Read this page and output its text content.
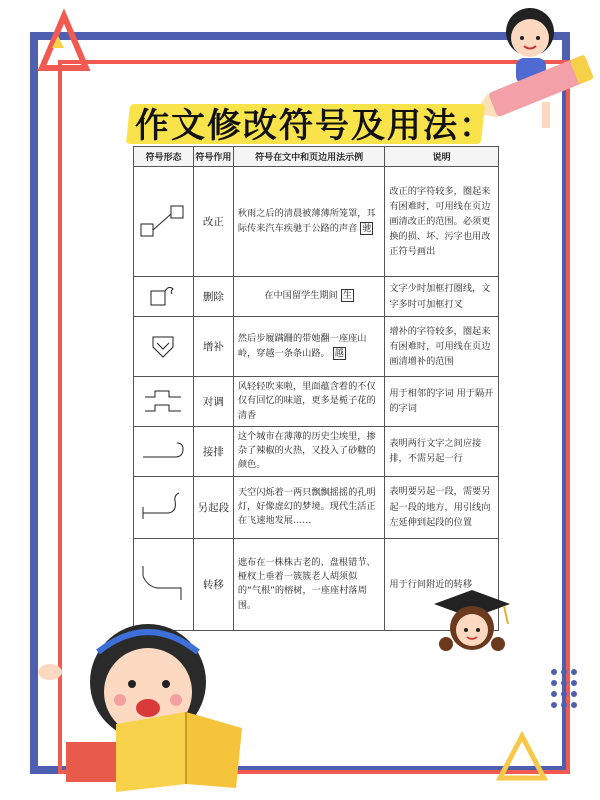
作文修改符号及用法：
符号形态	符号作用	符号在文中和页边用法示例	说明

	改正	秋雨之后的清晨被薄薄所笼罩，耳际传来汽车疾驰于公路的声音 驰	改正的字符较多，圈起来有困难时，可用线在页边画清改正的范围。必须更换的损、坏、污字也用改正符号画出

	删除	在中国留学生期间 生	文字少时加框打圈线，文字多时可加框打叉

	增补	然后步履蹒跚的带她翻一座座山岭，穿越一条条山路。 越	增补的字符较多，圈起来有困难时，可用线在页边画清增补的范围

	对调	风轻轻吹来啦，里面蕴含着的不仅仅有回忆的味道，更多是栀子花的清香	用于相邻的字词 用于隔开的字词

	接排	这个城市在薄薄的历史尘埃里，掺杂了辣椒的火热，又投入了砂糖的颜色。	表明两行文字之间应接排，不需另起一行

	另起段	天空闪烁着一两只飘飘摇摇的孔明灯，好像虚幻的梦境。现代生活正在飞速地发展……	表明要另起一段，需要另起一段的地方，用引线向左延伸到起段的位置

	转移	遮布在一株株古老的、盘根错节、桠杈上垂着一簇簇老人胡须似的“气根”的榕树，一座座村落周围。	用于行间附近的转移
